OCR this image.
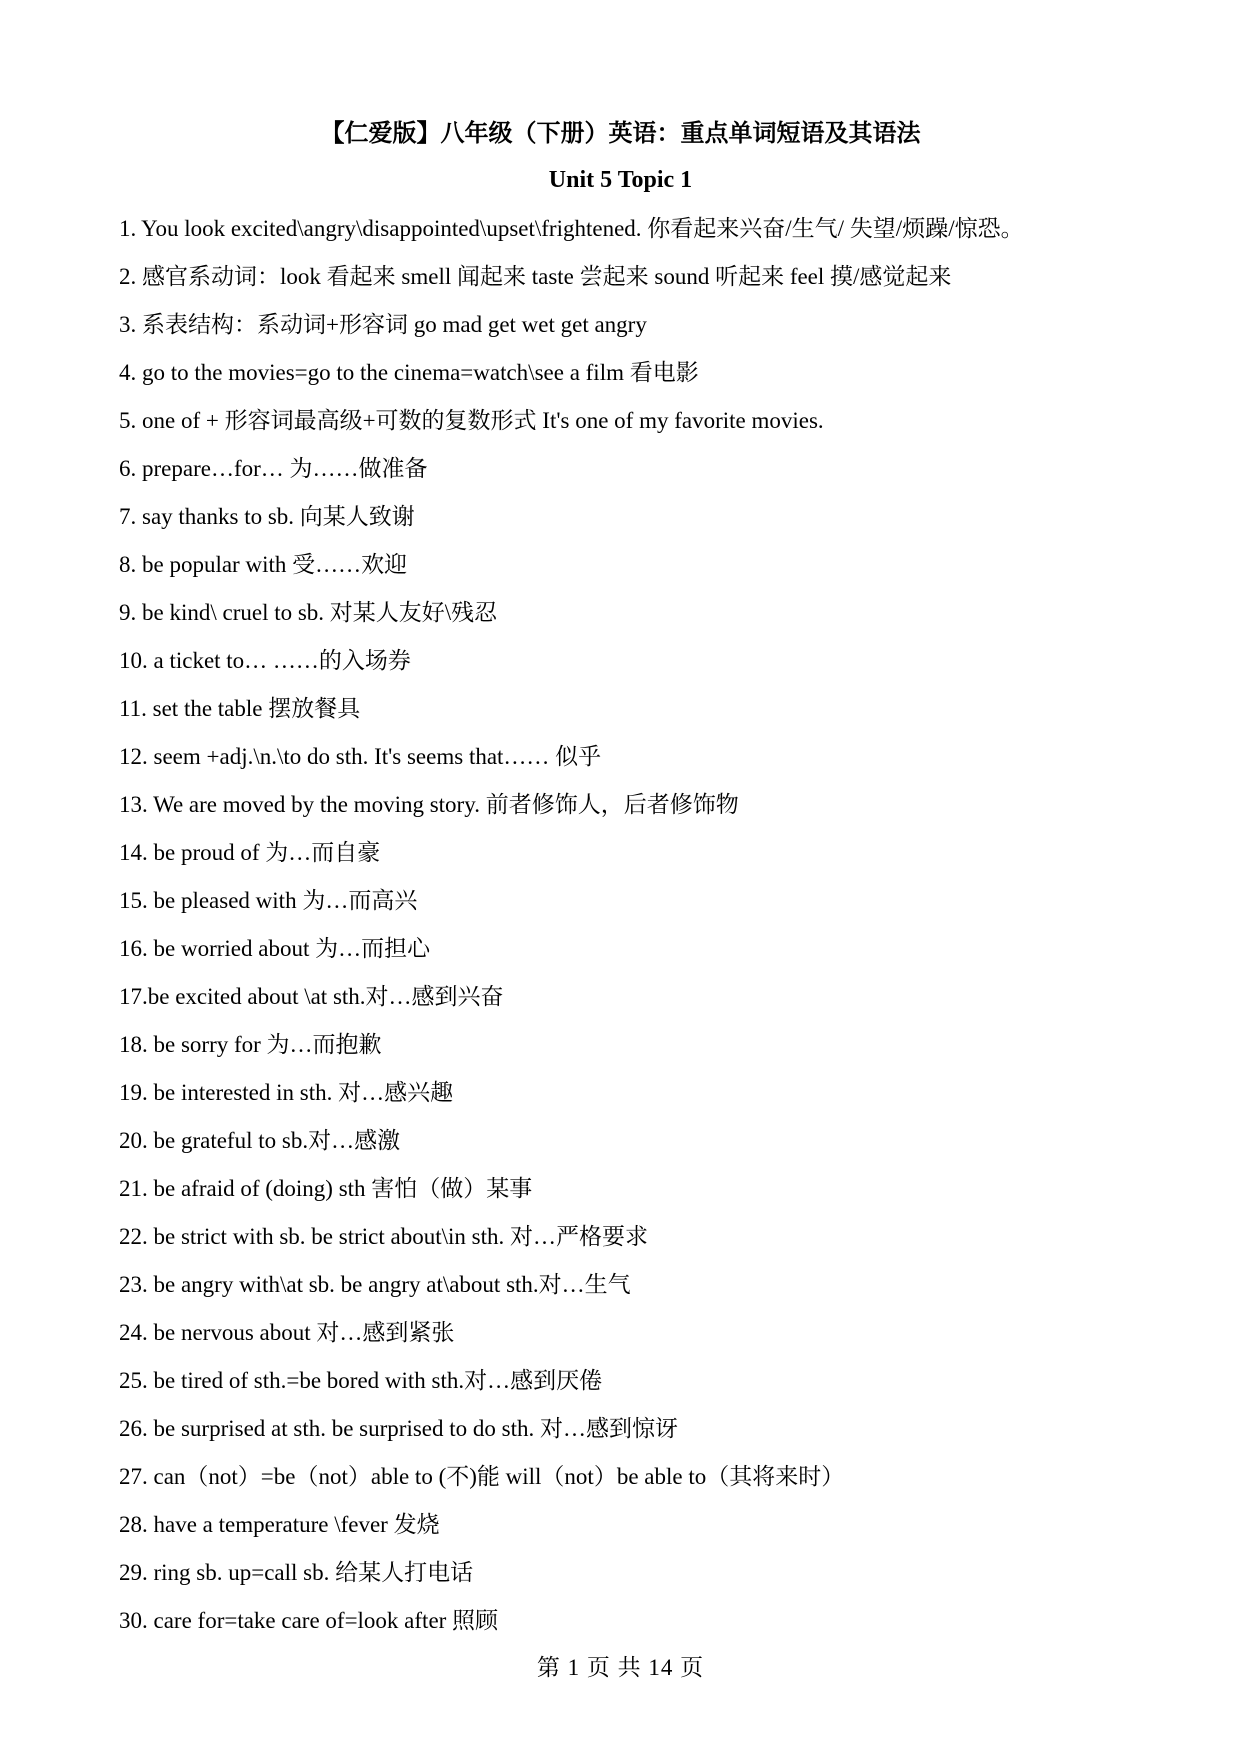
【仁爱版】八年级（下册）英语：重点单词短语及其语法
Unit 5 Topic 1
1. You look excited\angry\disappointed\upset\frightened. 你看起来兴奋/生气/ 失望/烦躁/惊恐。
2. 感官系动词：look 看起来 smell 闻起来 taste 尝起来 sound 听起来 feel 摸/感觉起来
3. 系表结构：系动词+形容词 go mad get wet get angry
4. go to the movies=go to the cinema=watch\see a film 看电影
5. one of + 形容词最高级+可数的复数形式 It's one of my favorite movies.
6. prepare…for… 为……做准备
7. say thanks to sb. 向某人致谢
8. be popular with 受……欢迎
9. be kind\ cruel to sb. 对某人友好\残忍
10. a ticket to… ……的入场券
11. set the table 摆放餐具
12. seem +adj.\n.\to do sth. It's seems that…… 似乎
13. We are moved by the moving story. 前者修饰人，后者修饰物
14. be proud of 为…而自豪
15. be pleased with 为…而高兴
16. be worried about 为…而担心
17.be excited about \at sth.对…感到兴奋
18. be sorry for 为…而抱歉
19. be interested in sth. 对…感兴趣
20. be grateful to sb.对…感激
21. be afraid of (doing) sth 害怕（做）某事
22. be strict with sb. be strict about\in sth. 对…严格要求
23. be angry with\at sb. be angry at\about sth.对…生气
24. be nervous about 对…感到紧张
25. be tired of sth.=be bored with sth.对…感到厌倦
26. be surprised at sth. be surprised to do sth. 对…感到惊讶
27. can（not）=be（not）able to (不)能 will（not）be able to（其将来时）
28. have a temperature \fever 发烧
29. ring sb. up=call sb. 给某人打电话
30. care for=take care of=look after 照顾
第 1 页 共 14 页
